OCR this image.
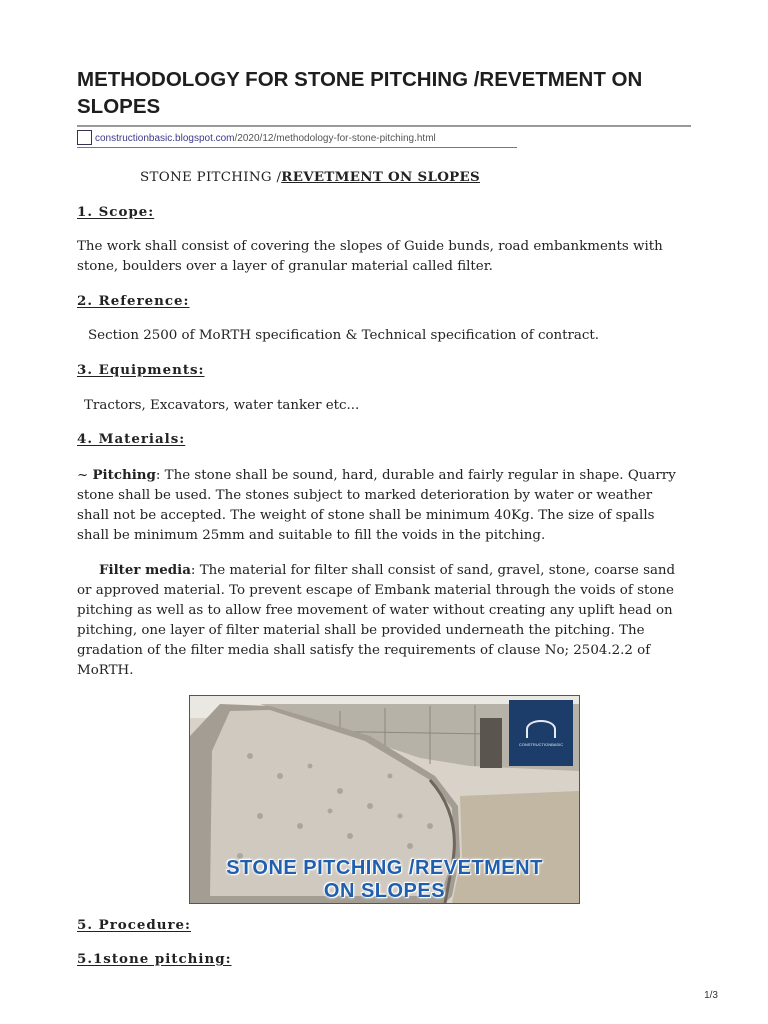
METHODOLOGY FOR STONE PITCHING /REVETMENT ON SLOPES
constructionbasic.blogspot.com/2020/12/methodology-for-stone-pitching.html
STONE PITCHING /REVETMENT ON SLOPES
1. Scope:

The work shall consist of covering the slopes of Guide bunds, road embankments with stone, boulders over a layer of granular material called filter.

2. Reference:

Section 2500 of MoRTH specification & Technical specification of contract.

3. Equipments:

Tractors, Excavators, water tanker etc...

4. Materials:

~ Pitching: The stone shall be sound, hard, durable and fairly regular in shape. Quarry stone shall be used. The stones subject to marked deterioration by water or weather shall not be accepted. The weight of stone shall be minimum 40Kg. The size of spalls shall be minimum 25mm and suitable to fill the voids in the pitching.

Filter media: The material for filter shall consist of sand, gravel, stone, coarse sand or approved material. To prevent escape of Embank material through the voids of stone pitching as well as to allow free movement of water without creating any uplift head on pitching, one layer of filter material shall be provided underneath the pitching. The gradation of the filter media shall satisfy the requirements of clause No; 2504.2.2 of MoRTH.

CONSTRUCTIONBASIC
STONE PITCHING /REVETMENT
ON SLOPES
5. Procedure:
5.1stone pitching:
1/3
